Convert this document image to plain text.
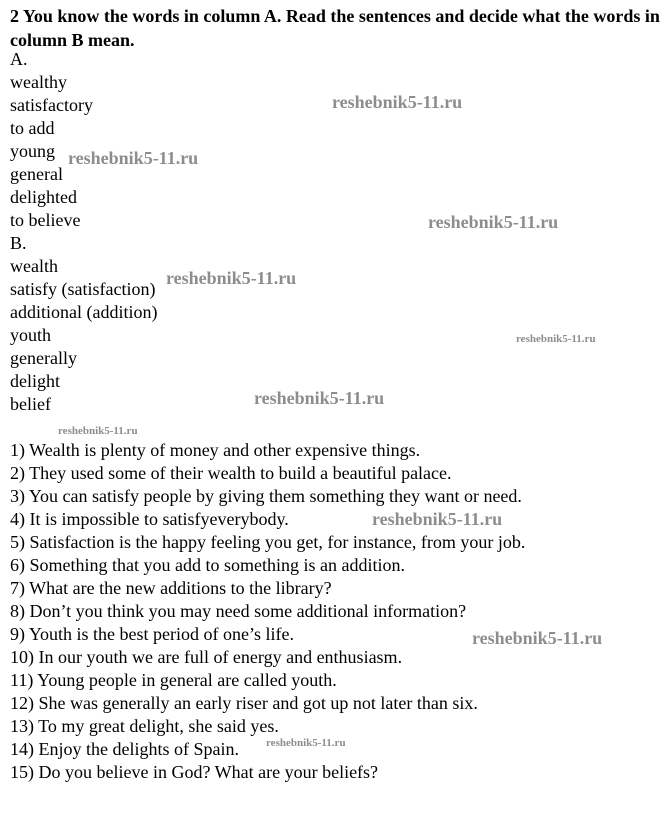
2 You know the words in column A. Read the sentences and decide what the words in column B mean.
A.
wealthy
satisfactory
to add
young
general
delighted
to believe
B.
wealth
satisfy (satisfaction)
additional (addition)
youth
generally
delight
belief
1) Wealth is plenty of money and other expensive things.
2) They used some of their wealth to build a beautiful palace.
3) You can satisfy people by giving them something they want or need.
4) It is impossible to satisfyeverybody.
5) Satisfaction is the happy feeling you get, for instance, from your job.
6) Something that you add to something is an addition.
7) What are the new additions to the library?
8) Don’t you think you may need some additional information?
9) Youth is the best period of one’s life.
10) In our youth we are full of energy and enthusiasm.
11) Young people in general are called youth.
12) She was generally an early riser and got up not later than six.
13) To my great delight, she said yes.
14) Enjoy the delights of Spain.
15) Do you believe in God? What are your beliefs?
reshebnik5-11.ru
reshebnik5-11.ru
reshebnik5-11.ru
reshebnik5-11.ru
reshebnik5-11.ru
reshebnik5-11.ru
reshebnik5-11.ru
reshebnik5-11.ru
reshebnik5-11.ru
reshebnik5-11.ru
